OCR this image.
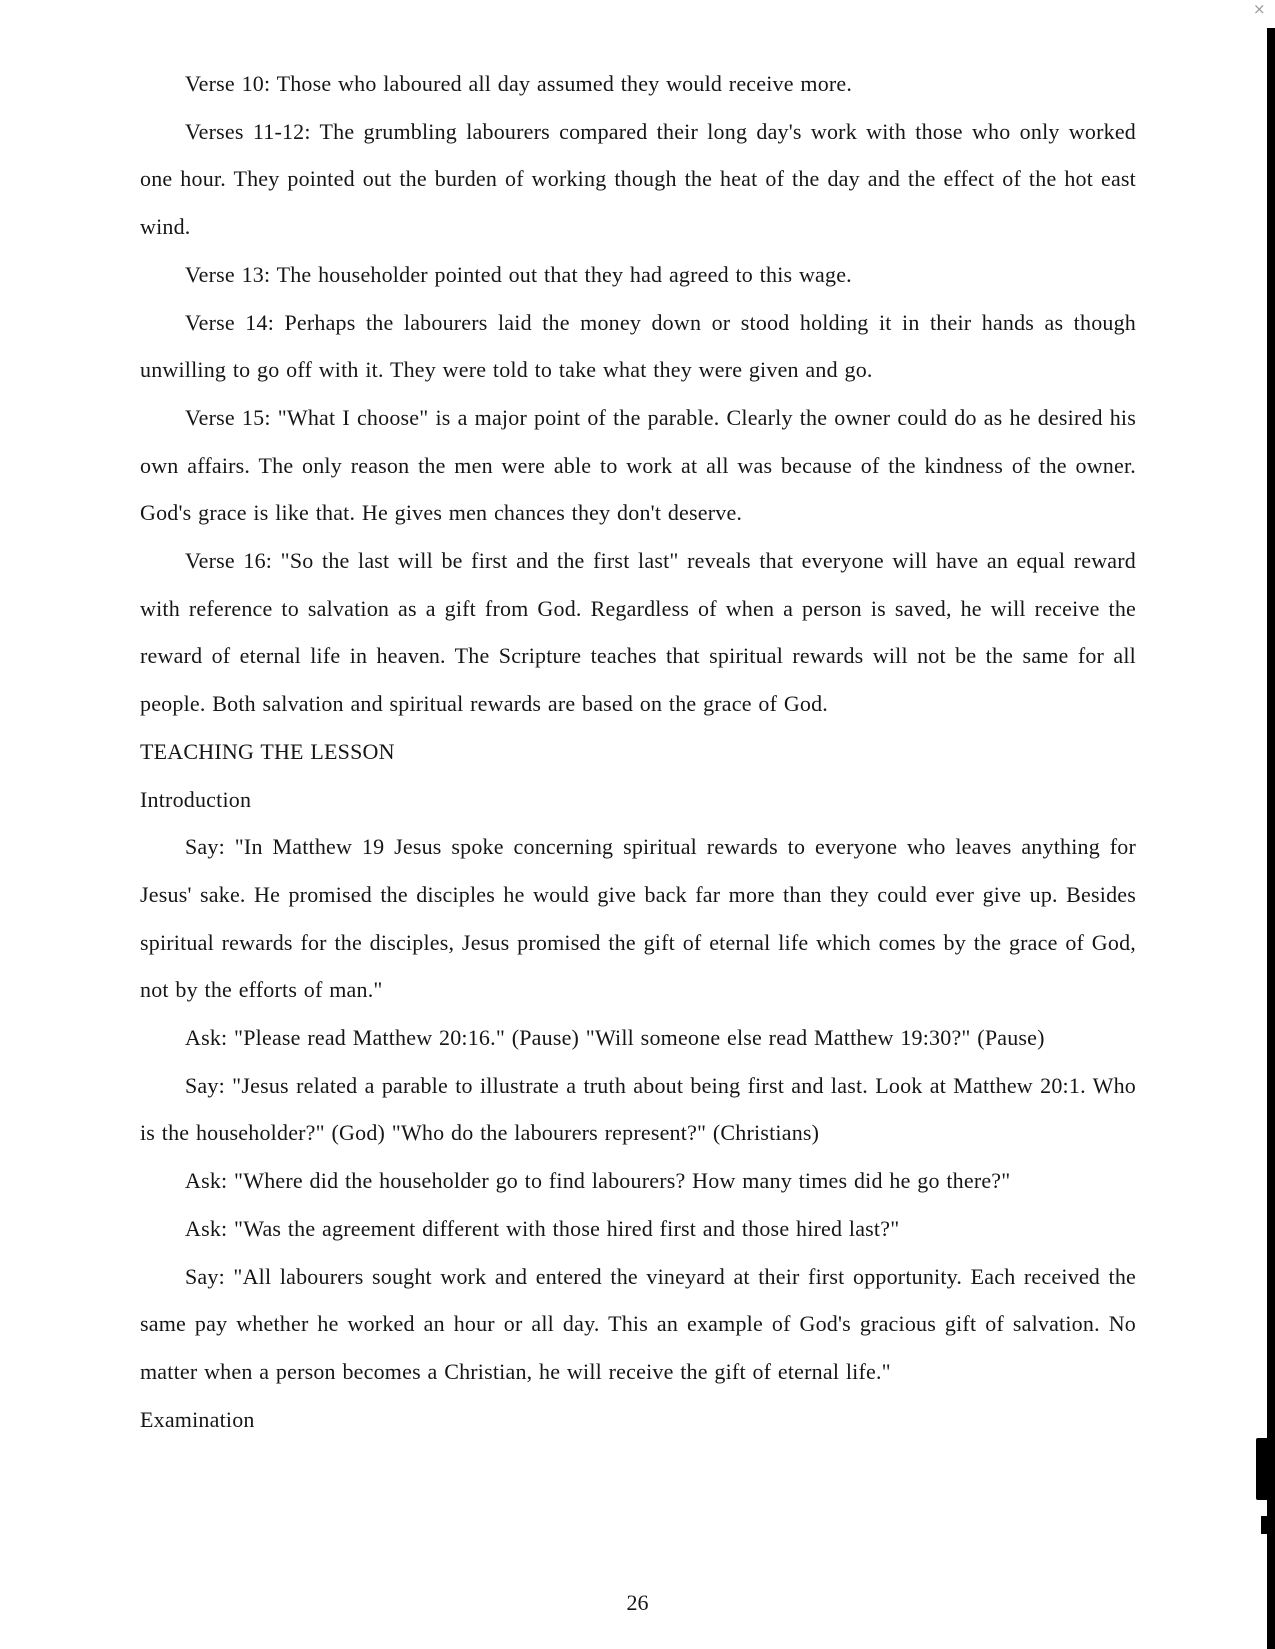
Verse 10: Those who laboured all day assumed they would receive more.

Verses 11-12: The grumbling labourers compared their long day's work with those who only worked one hour. They pointed out the burden of working though the heat of the day and the effect of the hot east wind.

Verse 13: The householder pointed out that they had agreed to this wage.

Verse 14: Perhaps the labourers laid the money down or stood holding it in their hands as though unwilling to go off with it. They were told to take what they were given and go.

Verse 15: "What I choose" is a major point of the parable. Clearly the owner could do as he desired his own affairs. The only reason the men were able to work at all was because of the kindness of the owner. God's grace is like that. He gives men chances they don't deserve.

Verse 16: "So the last will be first and the first last" reveals that everyone will have an equal reward with reference to salvation as a gift from God. Regardless of when a person is saved, he will receive the reward of eternal life in heaven. The Scripture teaches that spiritual rewards will not be the same for all people. Both salvation and spiritual rewards are based on the grace of God.

TEACHING THE LESSON

Introduction

Say: "In Matthew 19 Jesus spoke concerning spiritual rewards to everyone who leaves anything for Jesus' sake. He promised the disciples he would give back far more than they could ever give up. Besides spiritual rewards for the disciples, Jesus promised the gift of eternal life which comes by the grace of God, not by the efforts of man."

Ask: "Please read Matthew 20:16." (Pause) "Will someone else read Matthew 19:30?" (Pause)

Say: "Jesus related a parable to illustrate a truth about being first and last. Look at Matthew 20:1. Who is the householder?" (God) "Who do the labourers represent?" (Christians)

Ask: "Where did the householder go to find labourers? How many times did he go there?"

Ask: "Was the agreement different with those hired first and those hired last?"

Say: "All labourers sought work and entered the vineyard at their first opportunity. Each received the same pay whether he worked an hour or all day. This an example of God's gracious gift of salvation. No matter when a person becomes a Christian, he will receive the gift of eternal life."

Examination

26
×
